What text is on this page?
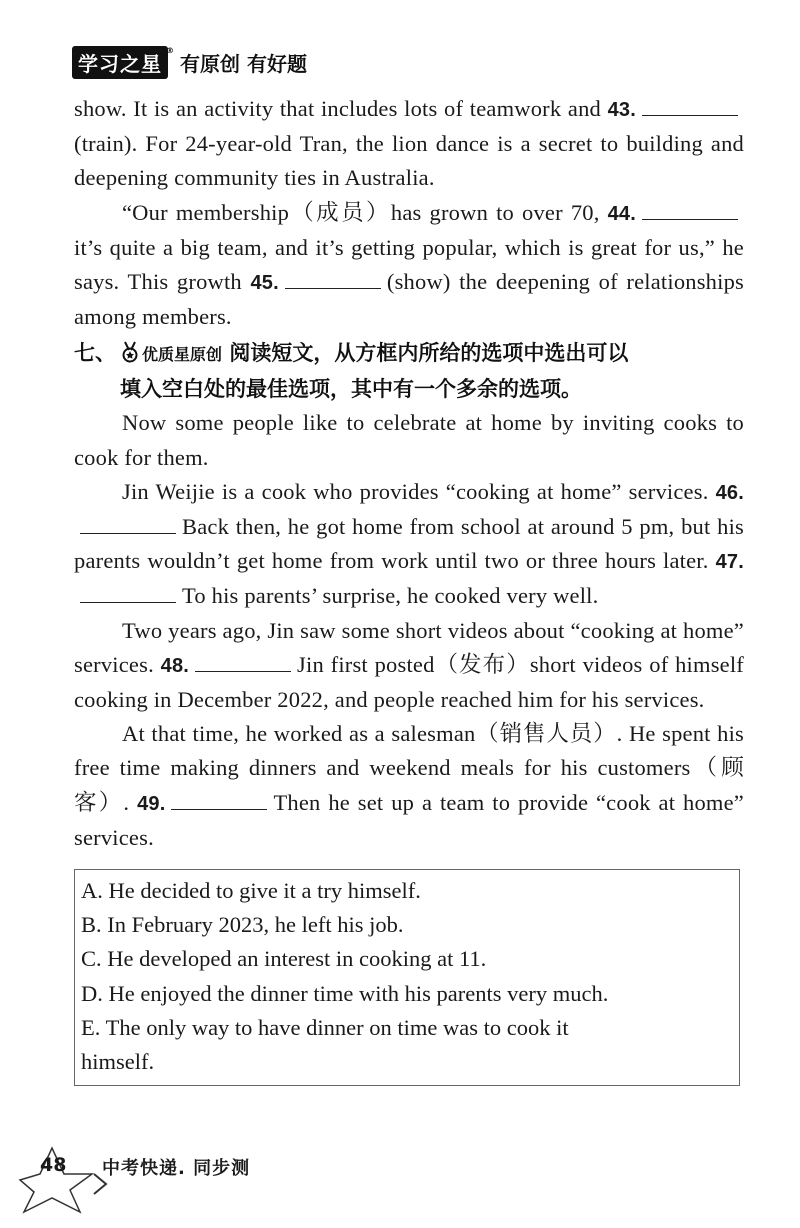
学习之星
®
有原创 有好题

show. It is an activity that includes lots of teamwork and 43.(train). For 24-year-old Tran, the lion dance is a secret to building and deepening community ties in Australia.

“Our membership（成员）has grown to over 70, 44.it’s quite a big team, and it’s getting popular, which is great for us,” he says. This growth 45.	(show) the deepening of relationships among members.

七、 优质星原创 阅读短文，从方框内所给的选项中选出可以
填入空白处的最佳选项，其中有一个多余的选项。

Now some people like to celebrate at home by inviting cooks to cook for them.

Jin Weijie is a cook who provides “cooking at home” services. 46.Back then, he got home from school at around 5 pm, but his parents wouldn’t get home from work until two or three hours later. 47.To his parents’ surprise, he cooked very well.

Two years ago, Jin saw some short videos about “cooking at home” services. 48.	Jin first posted（发布）short videos of himself cooking in December 2022, and people reached him for his services.

At that time, he worked as a salesman（销售人员）. He spent his free time making dinners and weekend meals for his customers（顾客）. 49.	Then he set up a team to provide “cook at home” services.

A. He decided to give it a try himself.
B. In February 2023, he left his job.
C. He developed an interest in cooking at 11.
D. He enjoyed the dinner time with his parents very much.
E. The only way to have dinner on time was to cook it
himself.
48 中考快递. 同步测
